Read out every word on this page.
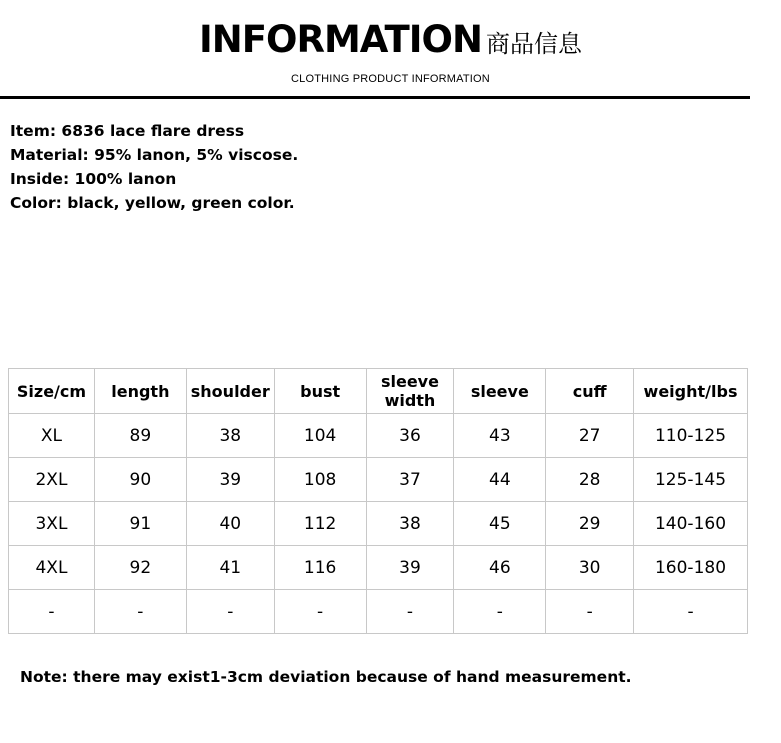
INFORMATION 商品信息
CLOTHING PRODUCT INFORMATION
Item: 6836 lace flare dress
Material: 95% lanon, 5% viscose.
Inside: 100% lanon
Color: black, yellow, green color.
Size/cm	length	shoulder	bust	sleeve width	sleeve	cuff	weight/lbs
XL	89	38	104	36	43	27	110-125
2XL	90	39	108	37	44	28	125-145
3XL	91	40	112	38	45	29	140-160
4XL	92	41	116	39	46	30	160-180
-	-	-	-	-	-	-	-
Note: there may exist1-3cm deviation because of hand measurement.
